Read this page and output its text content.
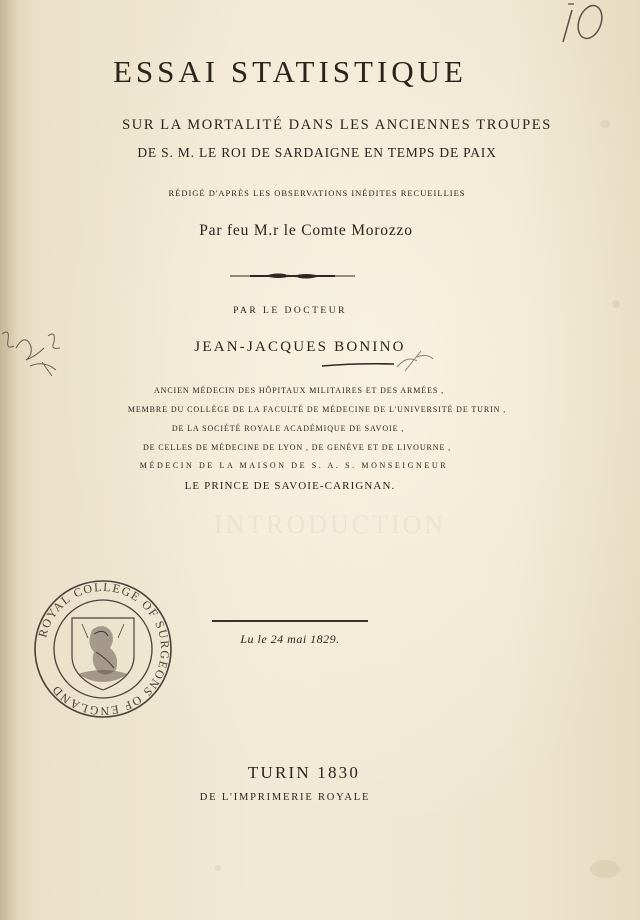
10
ESSAI STATISTIQUE
SUR LA MORTALITÉ DANS LES ANCIENNES TROUPES
DE S. M. LE ROI DE SARDAIGNE EN TEMPS DE PAIX
RÉDIGÉ D'APRÈS LES OBSERVATIONS INÉDITES RECUEILLIES
Par feu M.r le Comte Morozzo
PAR LE DOCTEUR
JEAN-JACQUES BONINO
ANCIEN MÉDECIN DES HÔPITAUX MILITAIRES ET DES ARMÉES ,
MEMBRE DU COLLÈGE DE LA FACULTÉ DE MÉDECINE DE L'UNIVERSITÉ DE TURIN ,
DE LA SOCIÉTÉ ROYALE ACADÉMIQUE DE SAVOIE ,
DE CELLES DE MÉDECINE DE LYON , DE GENÈVE ET DE LIVOURNE ,
MÉDECIN DE LA MAISON DE S. A. S. MONSEIGNEUR
LE PRINCE DE SAVOIE-CARIGNAN.
INTRODUCTION
ROYAL COLLEGE OF SURGEONS OF ENGLAND
Lu le 24 mai 1829.
TURIN 1830
DE L'IMPRIMERIE ROYALE
